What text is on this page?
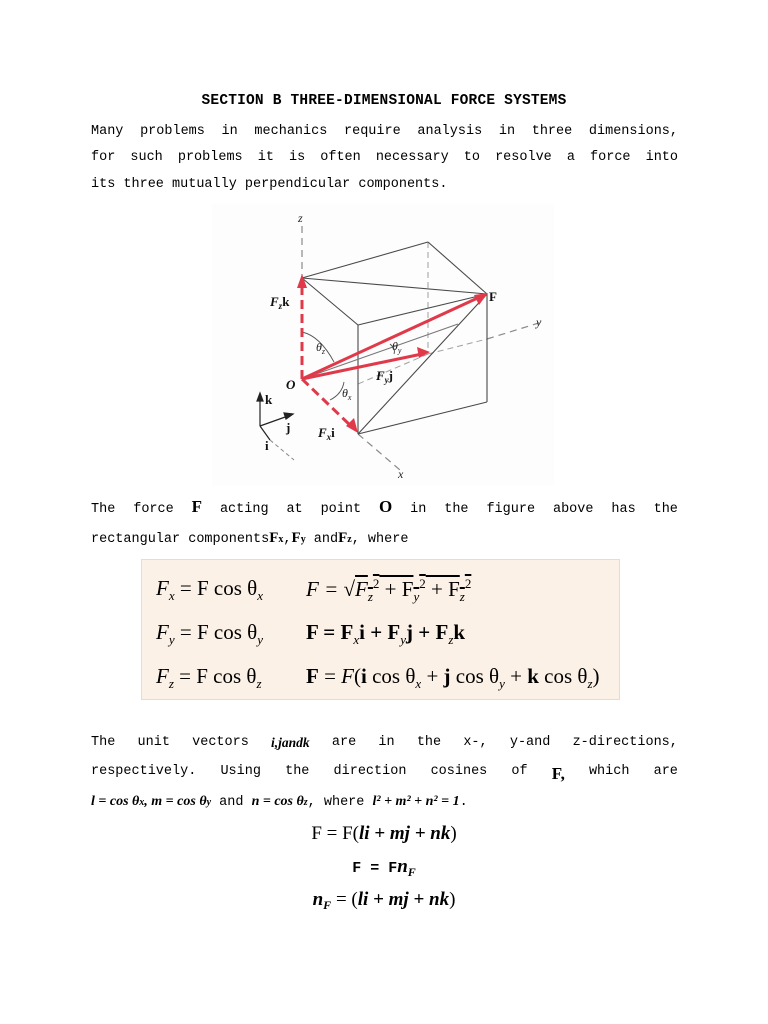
SECTION B THREE-DIMENSIONAL FORCE SYSTEMS
Many problems in mechanics require analysis in three dimensions,
for such problems it is often necessary to resolve a force into
its three mutually perpendicular components.
z
y
x
F
O
$F_zk$
$F_yj$
$F_xi$
$\theta_z$	$\theta_y$
$\theta_x$
k
j
i
The force F acting at point O in the figure above has the
rectangular componentsFx,Fy andFz, where
$F_x = F$ $\cos \theta_x$
$F_y = F$ $\cos \theta_y$
$F_z = F$ $\cos \theta_z$
$F = √F_z^2 + F_y^2 + F_z^2$
$F = F_xi + F_yj + F_zk$
F = F(i $\cos \theta_x + j$ $\cos \theta_y + k$ $\cos \theta_z$)
The unit vectors i,jandk are in the x-, y-and z-directions,
respectively. Using the direction cosines of F, which are
l = cos θx, m = cos θy and n = cos θz, where l² + m² + n² = 1.
F = F(li + mj + nk)
$F = Fn_F$
$n_F = (li$ + mj + nk)
